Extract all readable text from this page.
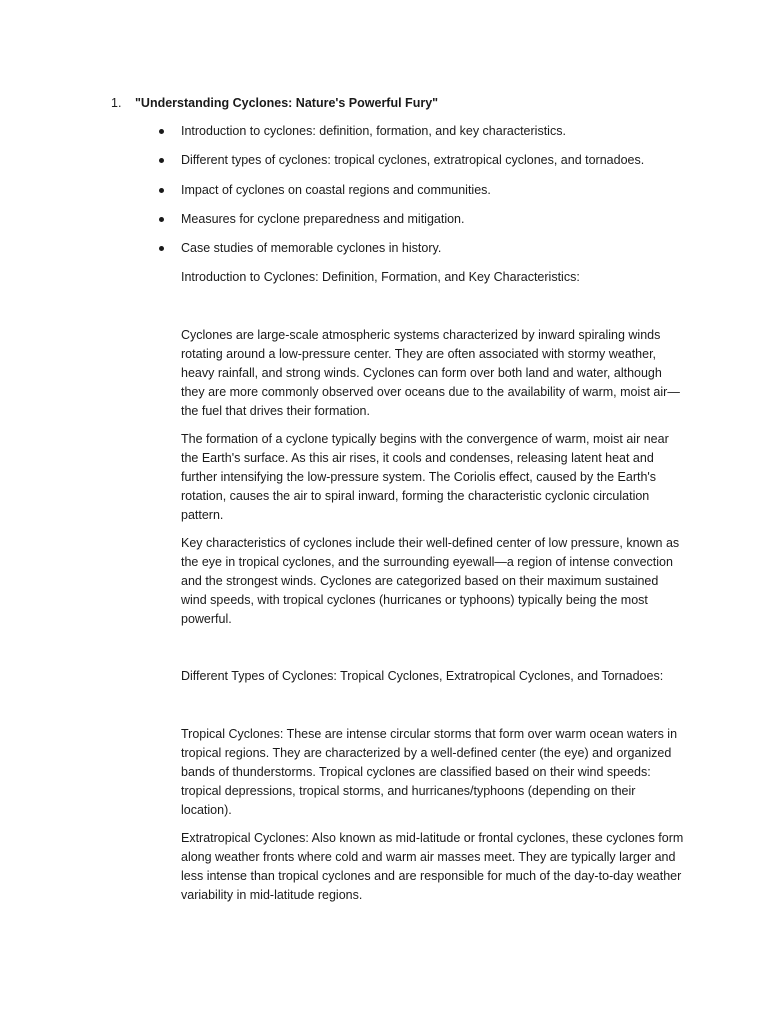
1. "Understanding Cyclones: Nature's Powerful Fury"
Introduction to cyclones: definition, formation, and key characteristics.
Different types of cyclones: tropical cyclones, extratropical cyclones, and tornadoes.
Impact of cyclones on coastal regions and communities.
Measures for cyclone preparedness and mitigation.
Case studies of memorable cyclones in history.

Introduction to Cyclones: Definition, Formation, and Key Characteristics:

Cyclones are large-scale atmospheric systems characterized by inward spiraling winds rotating around a low-pressure center. They are often associated with stormy weather, heavy rainfall, and strong winds. Cyclones can form over both land and water, although they are more commonly observed over oceans due to the availability of warm, moist air—the fuel that drives their formation.

The formation of a cyclone typically begins with the convergence of warm, moist air near the Earth's surface. As this air rises, it cools and condenses, releasing latent heat and further intensifying the low-pressure system. The Coriolis effect, caused by the Earth's rotation, causes the air to spiral inward, forming the characteristic cyclonic circulation pattern.

Key characteristics of cyclones include their well-defined center of low pressure, known as the eye in tropical cyclones, and the surrounding eyewall—a region of intense convection and the strongest winds. Cyclones are categorized based on their maximum sustained wind speeds, with tropical cyclones (hurricanes or typhoons) typically being the most powerful.

Different Types of Cyclones: Tropical Cyclones, Extratropical Cyclones, and Tornadoes:

Tropical Cyclones: These are intense circular storms that form over warm ocean waters in tropical regions. They are characterized by a well-defined center (the eye) and organized bands of thunderstorms. Tropical cyclones are classified based on their wind speeds: tropical depressions, tropical storms, and hurricanes/typhoons (depending on their location).

Extratropical Cyclones: Also known as mid-latitude or frontal cyclones, these cyclones form along weather fronts where cold and warm air masses meet. They are typically larger and less intense than tropical cyclones and are responsible for much of the day-to-day weather variability in mid-latitude regions.
